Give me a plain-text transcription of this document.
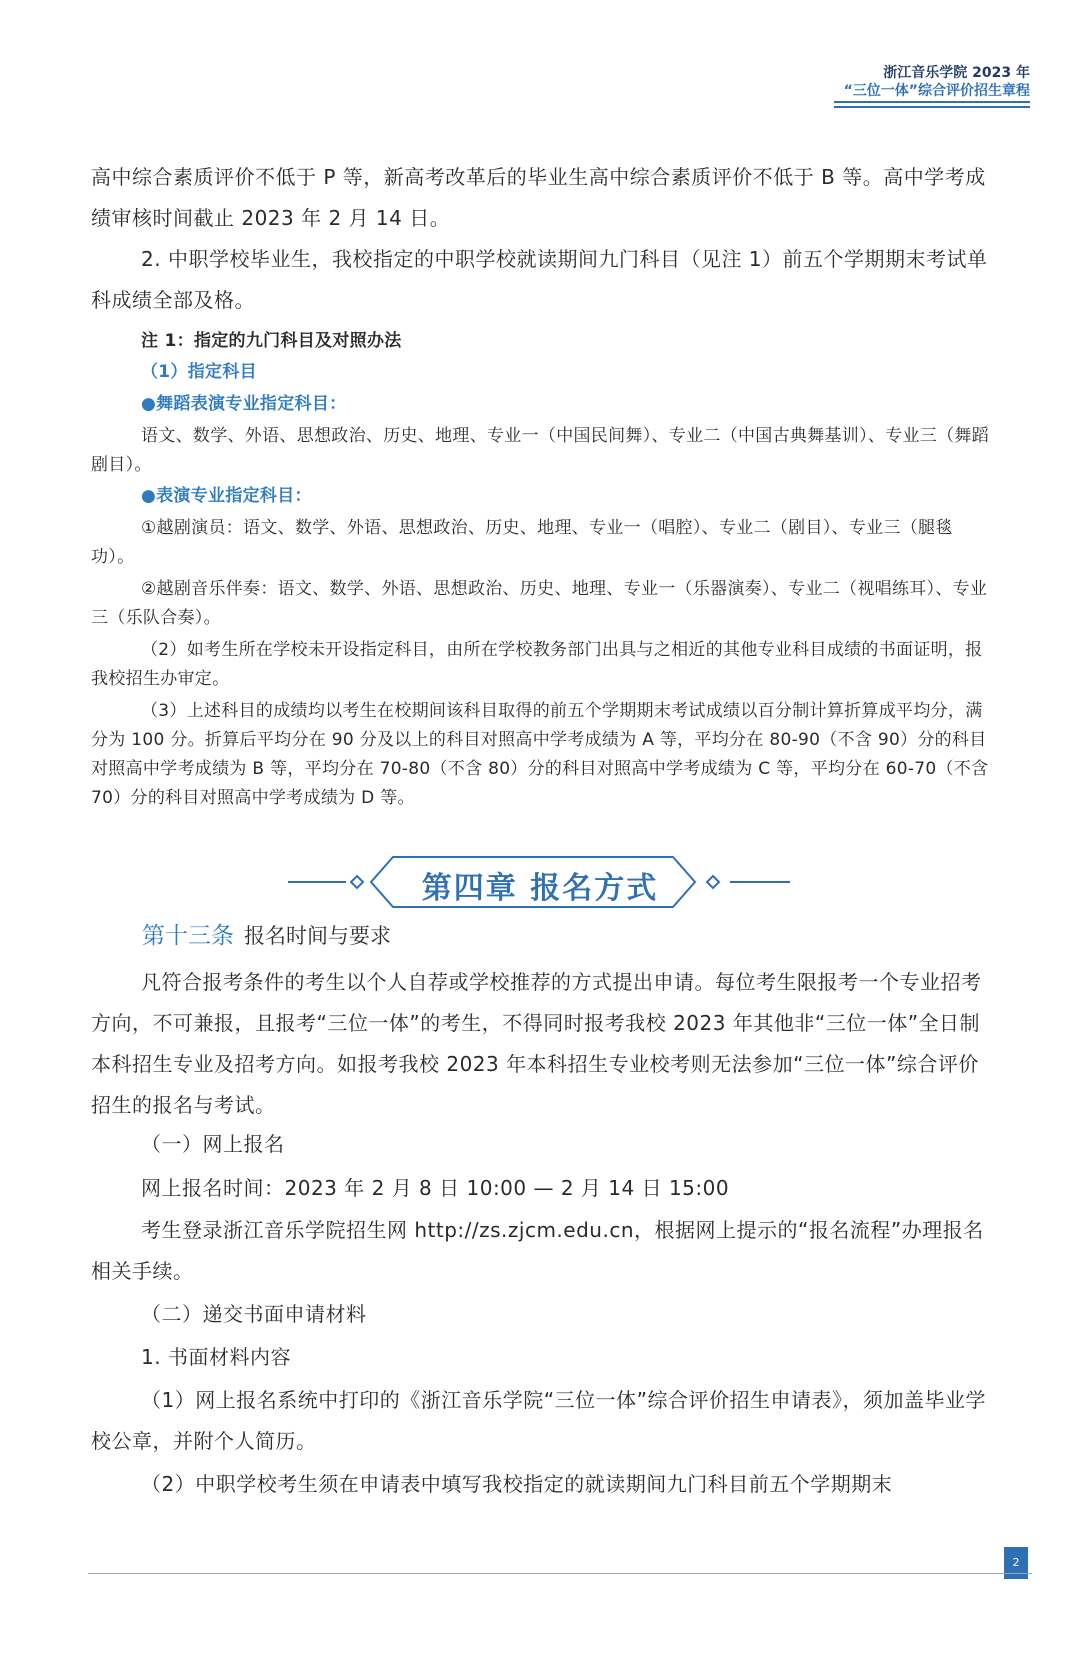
浙江音乐学院 2023 年
“三位一体”综合评价招生章程

高中综合素质评价不低于 P 等，新高考改革后的毕业生高中综合素质评价不低于 B 等。高中学考成绩审核时间截止 2023 年 2 月 14 日。

2. 中职学校毕业生，我校指定的中职学校就读期间九门科目（见注 1）前五个学期期末考试单科成绩全部及格。

注 1：指定的九门科目及对照办法

（1）指定科目

●舞蹈表演专业指定科目：

语文、数学、外语、思想政治、历史、地理、专业一（中国民间舞）、专业二（中国古典舞基训）、专业三（舞蹈剧目）。

●表演专业指定科目：

①越剧演员：语文、数学、外语、思想政治、历史、地理、专业一（唱腔）、专业二（剧目）、专业三（腿毯功）。

②越剧音乐伴奏：语文、数学、外语、思想政治、历史、地理、专业一（乐器演奏）、专业二（视唱练耳）、专业三（乐队合奏）。

（2）如考生所在学校未开设指定科目，由所在学校教务部门出具与之相近的其他专业科目成绩的书面证明，报我校招生办审定。

（3）上述科目的成绩均以考生在校期间该科目取得的前五个学期期末考试成绩以百分制计算折算成平均分，满分为 100 分。折算后平均分在 90 分及以上的科目对照高中学考成绩为 A 等，平均分在 80-90（不含 90）分的科目对照高中学考成绩为 B 等，平均分在 70-80（不含 80）分的科目对照高中学考成绩为 C 等，平均分在 60-70（不含 70）分的科目对照高中学考成绩为 D 等。

第四章 报名方式
第十三条 报名时间与要求

凡符合报考条件的考生以个人自荐或学校推荐的方式提出申请。每位考生限报考一个专业招考方向，不可兼报，且报考“三位一体”的考生，不得同时报考我校 2023 年其他非“三位一体”全日制本科招生专业及招考方向。如报考我校 2023 年本科招生专业校考则无法参加“三位一体”综合评价招生的报名与考试。

（一）网上报名

网上报名时间：2023 年 2 月 8 日 10:00 — 2 月 14 日 15:00

考生登录浙江音乐学院招生网 http://zs.zjcm.edu.cn，根据网上提示的“报名流程”办理报名相关手续。

（二）递交书面申请材料

1. 书面材料内容

（1）网上报名系统中打印的《浙江音乐学院“三位一体”综合评价招生申请表》，须加盖毕业学校公章，并附个人简历。

（2）中职学校考生须在申请表中填写我校指定的就读期间九门科目前五个学期期末

2
